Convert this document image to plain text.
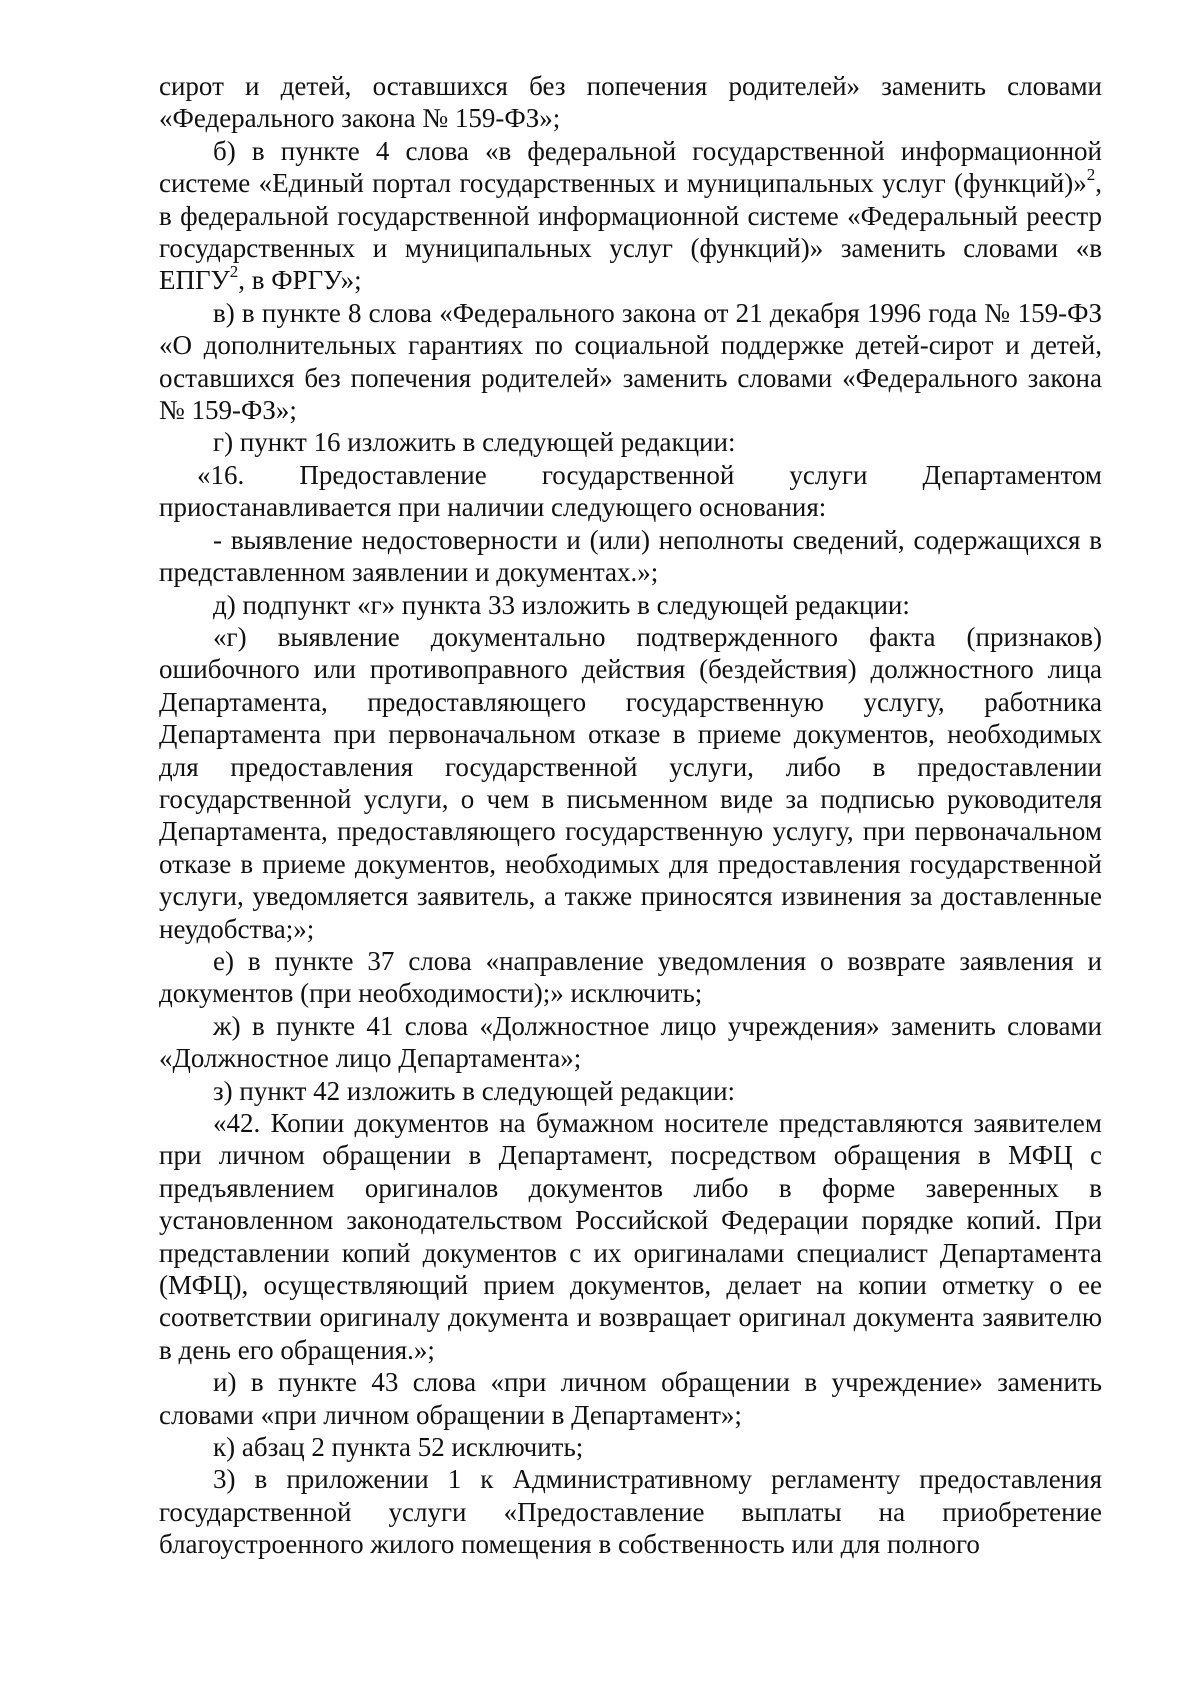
сирот и детей, оставшихся без попечения родителей» заменить словами «Федерального закона № 159-ФЗ»;

б) в пункте 4 слова «в федеральной государственной информационной системе «Единый портал государственных и муниципальных услуг (функций)»$^2$, в федеральной государственной информационной системе «Федеральный реестр государственных и муниципальных услуг (функций)» заменить словами «в ЕПГУ$^2$, в ФРГУ»;

в) в пункте 8 слова «Федерального закона от 21 декабря 1996 года № 159-ФЗ «О дополнительных гарантиях по социальной поддержке детей-сирот и детей, оставшихся без попечения родителей» заменить словами «Федерального закона № 159-ФЗ»;

г) пункт 16 изложить в следующей редакции:

«16. Предоставление государственной услуги Департаментом приостанавливается при наличии следующего основания:

- выявление недостоверности и (или) неполноты сведений, содержащихся в представленном заявлении и документах.»;

д) подпункт «г» пункта 33 изложить в следующей редакции:

«г) выявление документально подтвержденного факта (признаков) ошибочного или противоправного действия (бездействия) должностного лица Департамента, предоставляющего государственную услугу, работника Департамента при первоначальном отказе в приеме документов, необходимых для предоставления государственной услуги, либо в предоставлении государственной услуги, о чем в письменном виде за подписью руководителя Департамента, предоставляющего государственную услугу, при первоначальном отказе в приеме документов, необходимых для предоставления государственной услуги, уведомляется заявитель, а также приносятся извинения за доставленные неудобства;»;

е) в пункте 37 слова «направление уведомления о возврате заявления и документов (при необходимости);» исключить;

ж) в пункте 41 слова «Должностное лицо учреждения» заменить словами «Должностное лицо Департамента»;

з) пункт 42 изложить в следующей редакции:

«42. Копии документов на бумажном носителе представляются заявителем при личном обращении в Департамент, посредством обращения в МФЦ с предъявлением оригиналов документов либо в форме заверенных в установленном законодательством Российской Федерации порядке копий. При представлении копий документов с их оригиналами специалист Департамента (МФЦ), осуществляющий прием документов, делает на копии отметку о ее соответствии оригиналу документа и возвращает оригинал документа заявителю в день его обращения.»;

и) в пункте 43 слова «при личном обращении в учреждение» заменить словами «при личном обращении в Департамент»;

к) абзац 2 пункта 52 исключить;

3) в приложении 1 к Административному регламенту предоставления государственной услуги «Предоставление выплаты на приобретение благоустроенного жилого помещения в собственность или для полного
